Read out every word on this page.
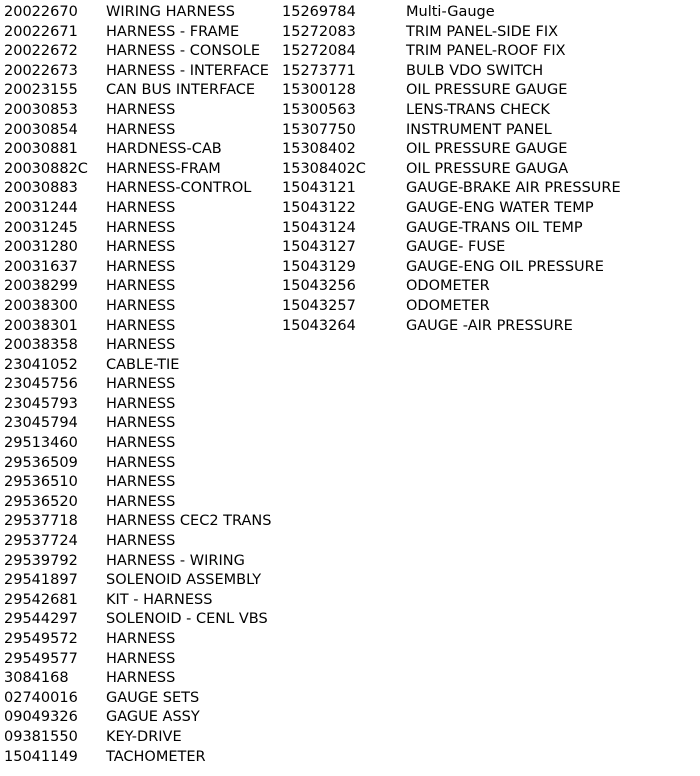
20022670 WIRING HARNESS
20022671 HARNESS - FRAME
20022672 HARNESS - CONSOLE
20022673 HARNESS - INTERFACE
20023155 CAN BUS INTERFACE
20030853 HARNESS
20030854 HARNESS
20030881 HARDNESS-CAB
20030882C HARNESS-FRAM
20030883 HARNESS-CONTROL
20031244 HARNESS
20031245 HARNESS
20031280 HARNESS
20031637 HARNESS
20038299 HARNESS
20038300 HARNESS
20038301 HARNESS
20038358 HARNESS
23041052 CABLE-TIE
23045756 HARNESS
23045793 HARNESS
23045794 HARNESS
29513460 HARNESS
29536509 HARNESS
29536510 HARNESS
29536520 HARNESS
29537718 HARNESS CEC2 TRANS
29537724 HARNESS
29539792 HARNESS - WIRING
29541897 SOLENOID ASSEMBLY
29542681 KIT - HARNESS
29544297 SOLENOID - CENL VBS
29549572 HARNESS
29549577 HARNESS
3084168	HARNESS
02740016 GAUGE SETS
09049326 GAGUE ASSY
09381550 KEY-DRIVE
15041149 TACHOMETER
15269784	Multi-Gauge
15272083	TRIM PANEL-SIDE FIX
15272084	TRIM PANEL-ROOF FIX
15273771	BULB VDO SWITCH
15300128	OIL PRESSURE GAUGE
15300563	LENS-TRANS CHECK
15307750	INSTRUMENT PANEL
15308402	OIL PRESSURE GAUGE
15308402C	OIL PRESSURE GAUGA
15043121	GAUGE-BRAKE AIR PRESSURE
15043122	GAUGE-ENG WATER TEMP
15043124	GAUGE-TRANS OIL TEMP
15043127	GAUGE- FUSE
15043129	GAUGE-ENG OIL PRESSURE
15043256	ODOMETER
15043257	ODOMETER
15043264	GAUGE -AIR PRESSURE
